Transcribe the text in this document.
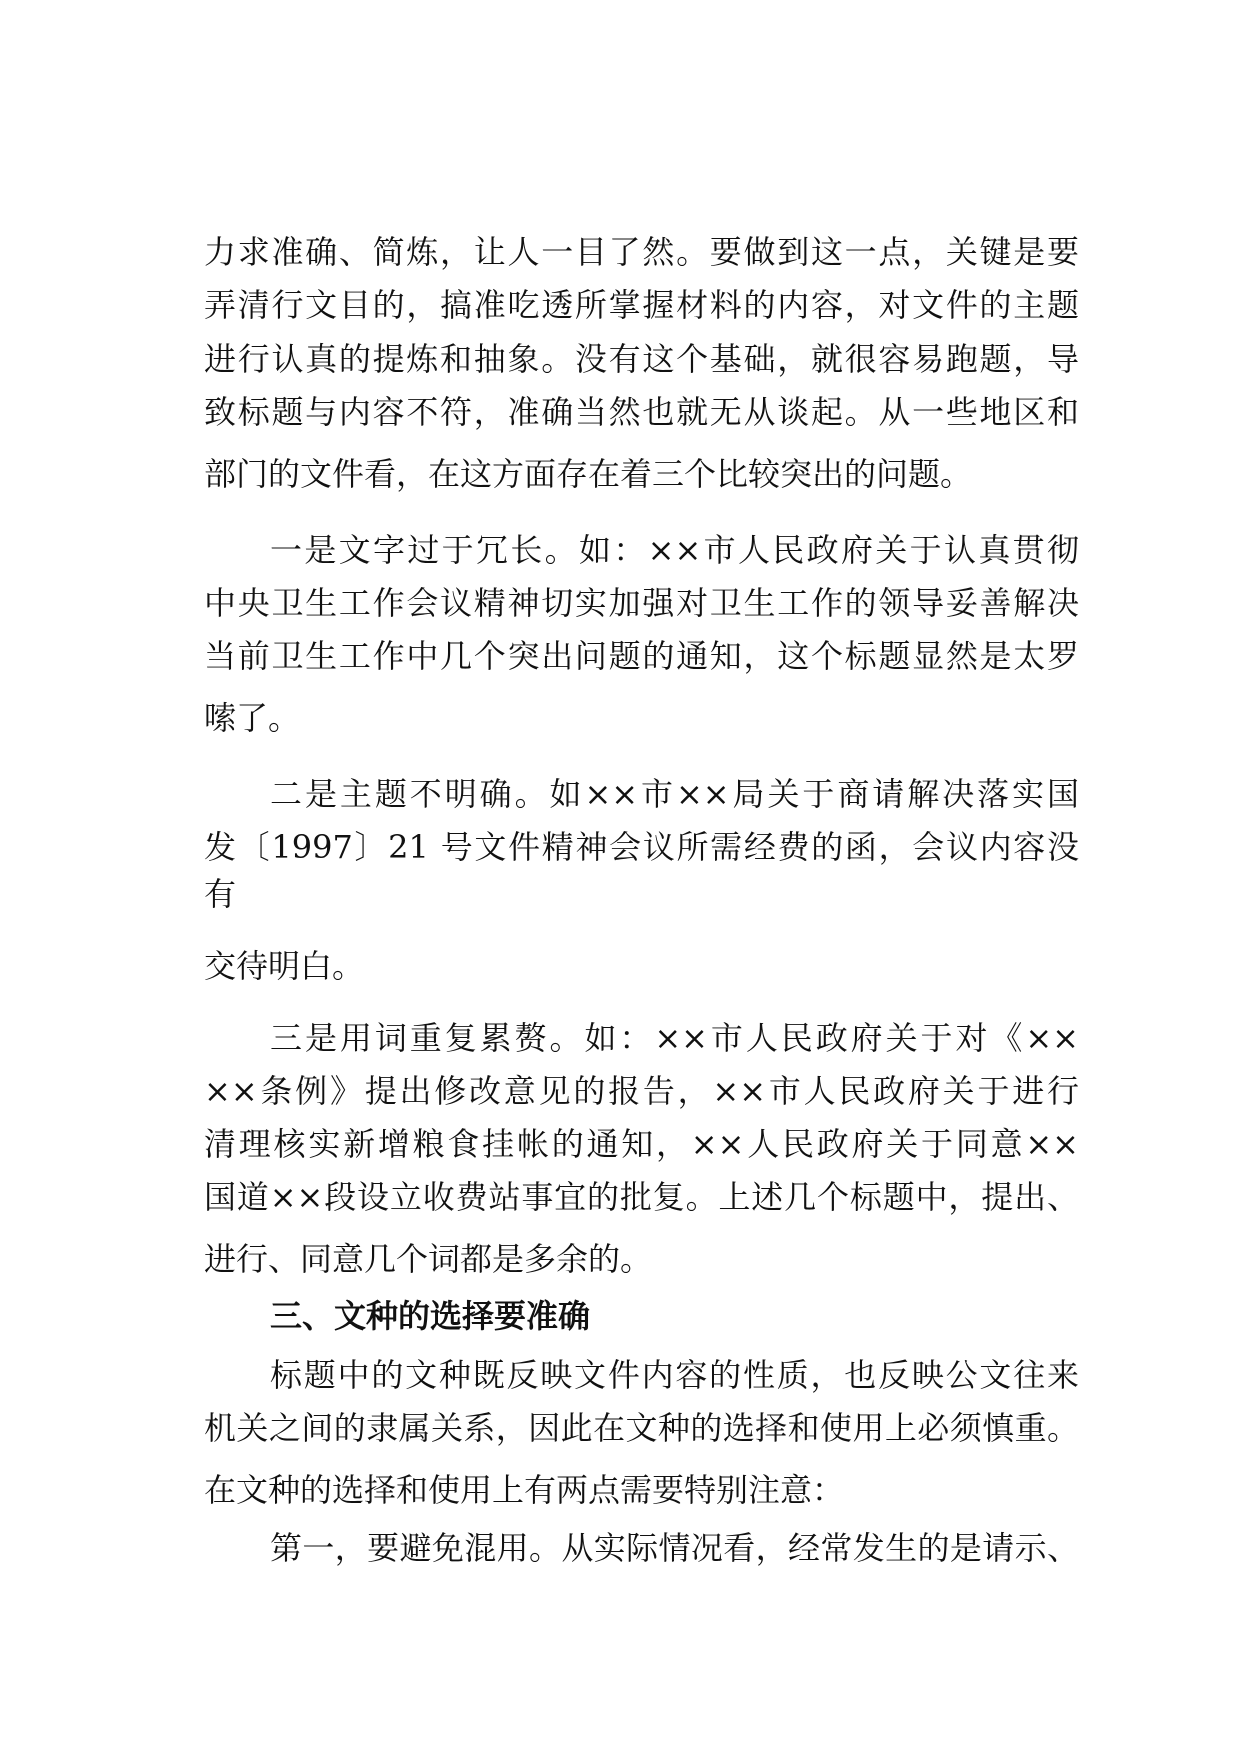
力求准确、简炼，让人一目了然。要做到这一点，关键是要
弄清行文目的，搞准吃透所掌握材料的内容，对文件的主题
进行认真的提炼和抽象。没有这个基础，就很容易跑题，导
致标题与内容不符，准确当然也就无从谈起。从一些地区和
部门的文件看，在这方面存在着三个比较突出的问题。
一是文字过于冗长。如：××市人民政府关于认真贯彻
中央卫生工作会议精神切实加强对卫生工作的领导妥善解决
当前卫生工作中几个突出问题的通知，这个标题显然是太罗
嗦了。
二是主题不明确。如××市××局关于商请解决落实国
发〔1997〕21 号文件精神会议所需经费的函，会议内容没
有
交待明白。
三是用词重复累赘。如：××市人民政府关于对《××
××条例》提出修改意见的报告，××市人民政府关于进行
清理核实新增粮食挂帐的通知，××人民政府关于同意××
国道××段设立收费站事宜的批复。上述几个标题中，提出、
进行、同意几个词都是多余的。
三、文种的选择要准确
标题中的文种既反映文件内容的性质，也反映公文往来
机关之间的隶属关系，因此在文种的选择和使用上必须慎重。
在文种的选择和使用上有两点需要特别注意：
第一，要避免混用。从实际情况看，经常发生的是请示、
